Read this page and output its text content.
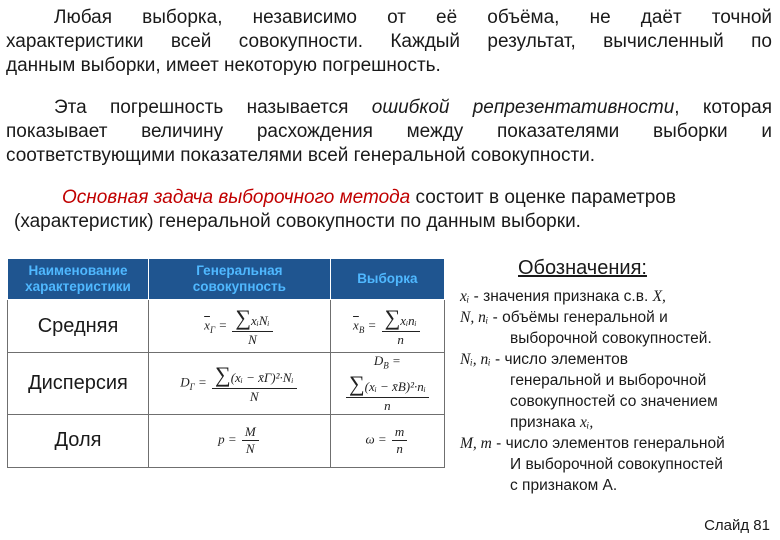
Любая выборка, независимо от её объёма, не даёт точной
характеристики всей совокупности. Каждый результат, вычисленный по
данным выборки, имеет некоторую погрешность.
Эта погрешность называется ошибкой репрезентативности, которая
показывает величину расхождения между показателями выборки и
соответствующими показателями всей генеральной совокупности.
Основная задача выборочного метода состоит в оценке параметров
(характеристик) генеральной совокупности по данным выборки.
Наименование характеристики	Генеральная совокупность	Выборка
Средняя	$\overline{x}_Г = \frac{\text{∑xᵢNᵢ}}{N}$	$\overline{x}_В = \frac{\text{∑xᵢnᵢ}}{n}$

Дисперсия	$D_Г = \frac{\text{∑(xᵢ − x̄Г)²·Nᵢ}}{N}$	$D_В$ =
$\frac{\text{∑(xᵢ − x̄В)²·nᵢ}}{n}$

Доля	$p = \frac{M}{N}$	$\omega = \frac{m}{n}$
Обозначения:
xᵢ - значения признака с.в. X,
N, nᵢ - объёмы генеральной и
выборочной совокупностей.
Nᵢ, nᵢ - число элементов
генеральной и выборочной
совокупностей со значением
признака xᵢ,
M, m - число элементов генеральной
И выборочной совокупностей
с признаком А.
Слайд 81
